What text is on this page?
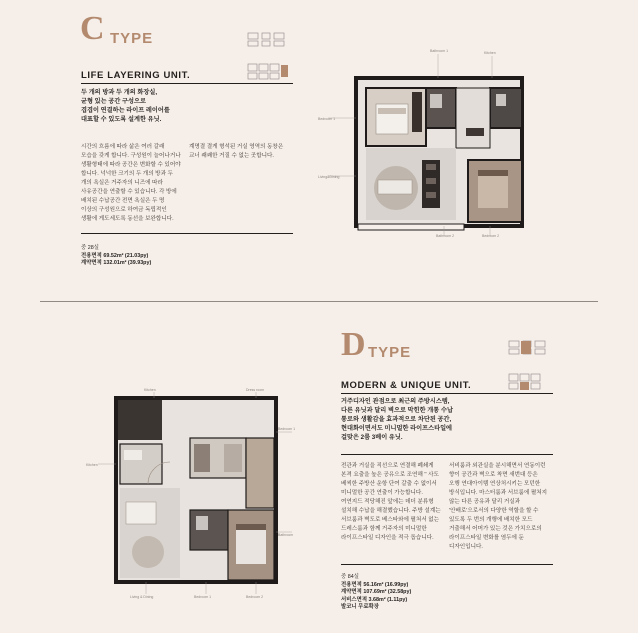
C TYPE
LIFE LAYERING UNIT.
두 개의 방과 두 개의 화장실,
균형 있는 공간 구성으로
겹겹이 연결하는 라이프 레이어를
대표할 수 있도록 설계한 유닛.
시간의 흐름에 따라 삶은 여러 갈래
모습을 갖게 합니다. 구성원이 늘어나거나
생활형태에 따라 공간은 변화할 수 있어야
합니다. 넉넉한 크기의 두 개의 방과 두
개의 욕실은 거주자의 니즈에 따라
사유공간을 연출할 수 있습니다. 각 방에
배치된 수납공간 전면 욕실은 두 명
이상의 구성원으로 하여금 독립적인
생활에 게도세도록 동선을 보완합니다.
계명결 결게 형석된 거실 영역의 동창은
교너 쾌쾌한 거질 수 없는 곳합니다.
중 28실
전용면적 69.52m² (21.03py)
계약면적 132.01m² (39.93py)
Bathroom 1	Kitchen
Bedroom 1
Living&Dining
Bathroom 2	Bedroom 2
D TYPE
MODERN & UNIQUE UNIT.
거주디자인 관점으로 최근의 주방시스템,
다른 유닛과 달리 벽으로 막힌한 개통 수납
통로와 생활감을 효과적으로 차단된 공간,
현대화이면서도 미니멀한 라이프스타일에
걸맞은 2룸 3베이 유닛.
전관과 거실을 직선으로 연결해 폐쇄게
본격 요출을 높은 공유으로 조연해 '' 사도
베씩한 주방산 운항 단여 갈출 수 없이서
미니멀한 공간 연출이 가능합니다.
여연지드 적당해진 앞에는 데더 분류형
설치해 수납을 해결했습니다. 주방 설계는
서브룸과 벽도로 베스타와에 펼쳐서 없는
드레스룸과 함께 거주자의 미니멀한
라이프스타일 디자인을 적극 돕습니다.
서비룸과 외관실을 분시해면서 연동이런
향이 공간과 벽으로 착면 새번대 등은
오행 연대아이템 연상처시키는 모던한
방식입니다. 마스터룸과 서브룸에 펼쳐지
않는 다른 공유과 달리 거실과
'안배로'으로서의 다양한 역할을 할 수
있도록 두 번의 개행에 배치한 모드
거출해서 어머가 있는 것은 가치으로의
라이프스타일 변화를 염두에 둔
디자인입니다.
중 84실
전용면적 56.16m² (16.99py)
계약면적 107.69m² (32.58py)
서비스면적 3.68m² (1.11py)
발코니 무료확장
Kitchen	Dress room
Kitchen
Bedroom 1
Bathroom
Living & Dining	Bedroom 1	Bedroom 2
